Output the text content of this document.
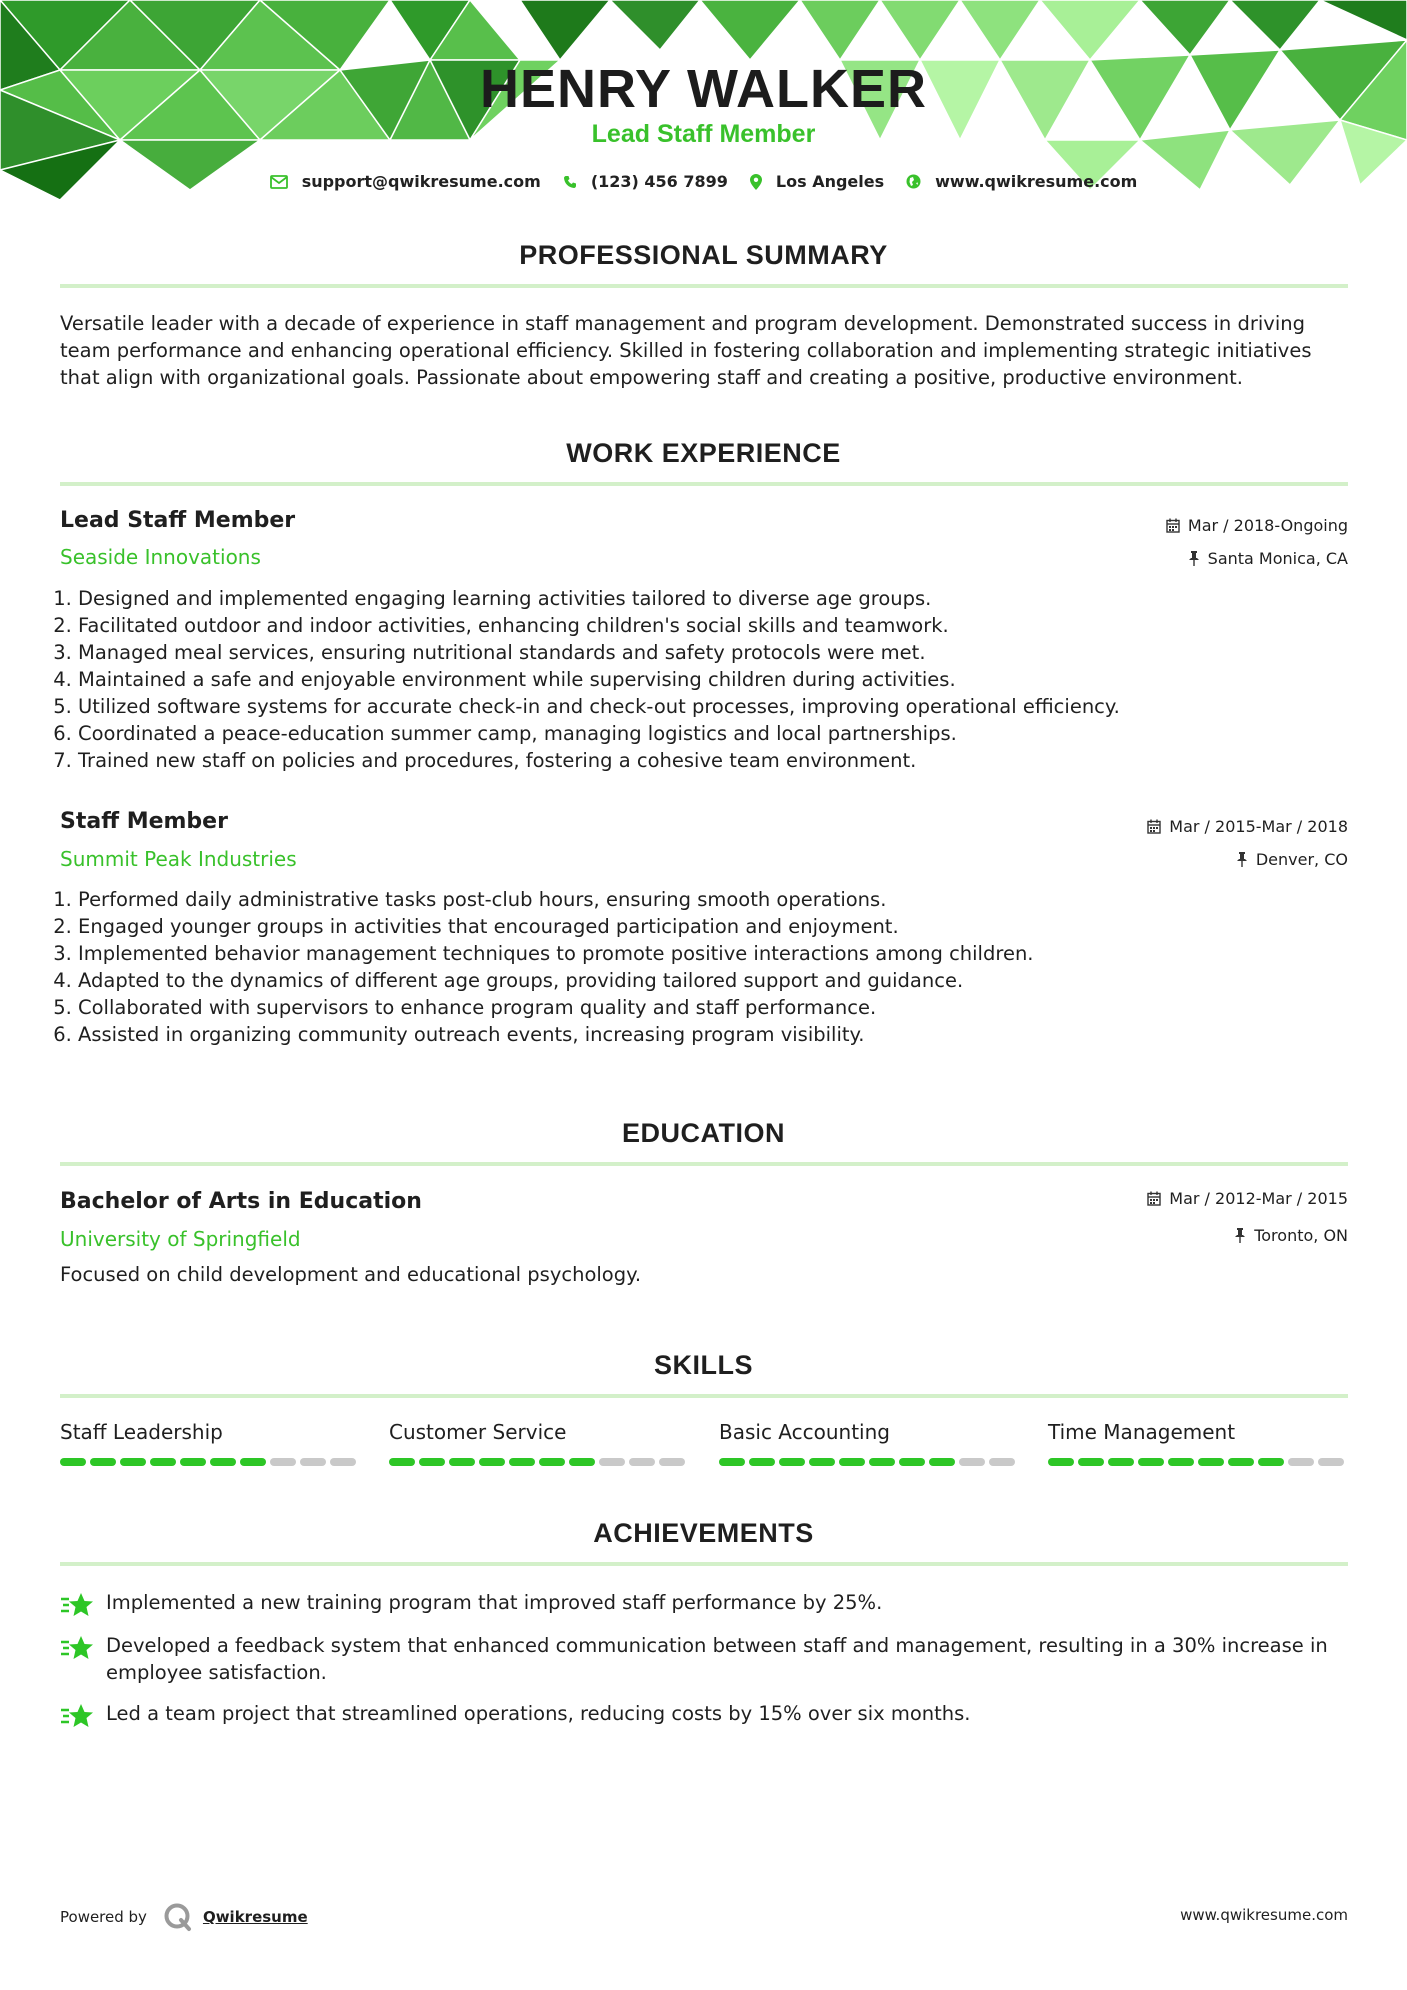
HENRY WALKER
Lead Staff Member
support@qwikresume.com	(123) 456 7899	Los Angeles	www.qwikresume.com
PROFESSIONAL SUMMARY
Versatile leader with a decade of experience in staff management and program development. Demonstrated success in driving team performance and enhancing operational efficiency. Skilled in fostering collaboration and implementing strategic initiatives that align with organizational goals. Passionate about empowering staff and creating a positive, productive environment.
WORK EXPERIENCE
Lead Staff Member
Seaside Innovations
Mar / 2018-Ongoing
Santa Monica, CA
1. Designed and implemented engaging learning activities tailored to diverse age groups.
2. Facilitated outdoor and indoor activities, enhancing children's social skills and teamwork.
3. Managed meal services, ensuring nutritional standards and safety protocols were met.
4. Maintained a safe and enjoyable environment while supervising children during activities.
5. Utilized software systems for accurate check-in and check-out processes, improving operational efficiency.
6. Coordinated a peace-education summer camp, managing logistics and local partnerships.
7. Trained new staff on policies and procedures, fostering a cohesive team environment.
Staff Member
Summit Peak Industries
Mar / 2015-Mar / 2018
Denver, CO
1. Performed daily administrative tasks post-club hours, ensuring smooth operations.
2. Engaged younger groups in activities that encouraged participation and enjoyment.
3. Implemented behavior management techniques to promote positive interactions among children.
4. Adapted to the dynamics of different age groups, providing tailored support and guidance.
5. Collaborated with supervisors to enhance program quality and staff performance.
6. Assisted in organizing community outreach events, increasing program visibility.
EDUCATION
Bachelor of Arts in Education
University of Springfield
Mar / 2012-Mar / 2015
Toronto, ON
Focused on child development and educational psychology.
SKILLS
Staff Leadership	Customer Service	Basic Accounting	Time Management
ACHIEVEMENTS
Implemented a new training program that improved staff performance by 25%.
Developed a feedback system that enhanced communication between staff and management, resulting in a 30% increase in employee satisfaction.
Led a team project that streamlined operations, reducing costs by 15% over six months.
Powered by	Qwikresume	www.qwikresume.com
